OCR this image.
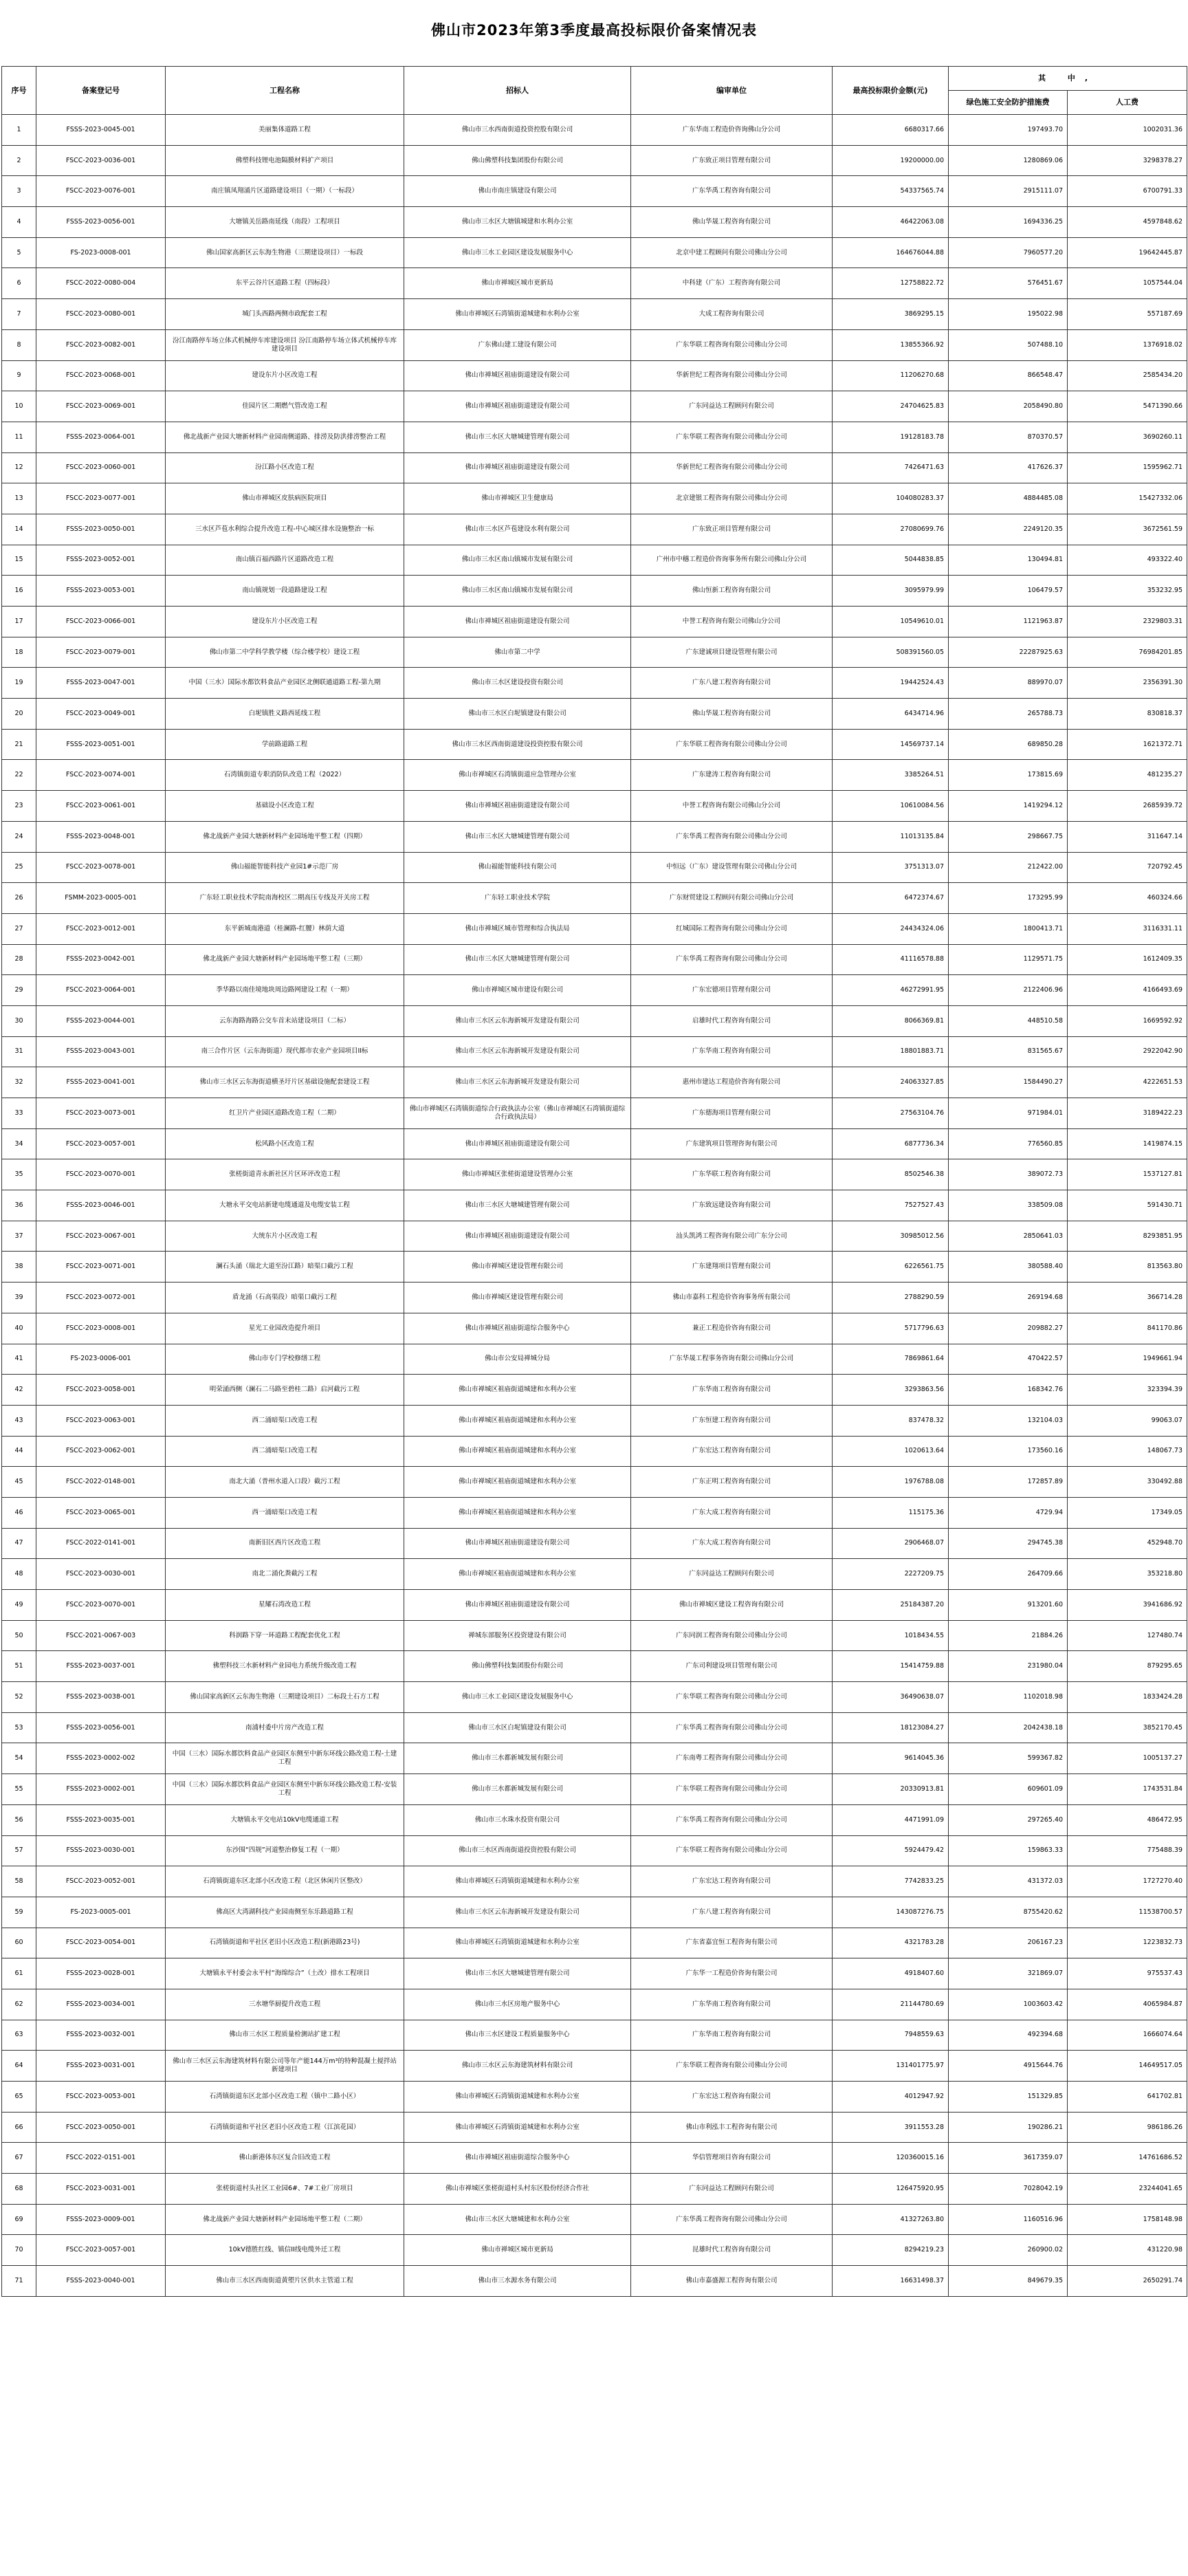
佛山市2023年第3季度最高投标限价备案情况表
序号	备案登记号	工程名称	招标人	编审单位	最高投标限价金额(元)	其 中,	
						绿色施工安全防护措施费	人工费
1	FSSS-2023-0045-001	美丽集体道路工程	佛山市三水西南街道投资控股有限公司	广东华南工程造价咨询佛山分公司	6680317.66	197493.70	1002031.36
2	FSCC-2023-0036-001	佛塑科技锂电池隔膜材料扩产项目	佛山佛塑科技集团股份有限公司	广东致正项目管理有限公司	19200000.00	1280869.06	3298378.27
3	FSCC-2023-0076-001	南庄镇凤翔涌片区道路建设项目（一期）（一标段）	佛山市南庄镇建设有限公司	广东华禹工程咨询有限公司	54337565.74	2915111.07	6700791.33
4	FSSS-2023-0056-001	大塘镇关岳路南延线（南段）工程项目	佛山市三水区大塘镇城建和水利办公室	佛山华晟工程咨询有限公司	46422063.08	1694336.25	4597848.62
5	FS-2023-0008-001	佛山国家高新区云东海生物港（三期建设项目）一标段	佛山市三水工业园区建设发展服务中心	北京中建工程顾问有限公司佛山分公司	164676044.88	7960577.20	19642445.87
6	FSCC-2022-0080-004	东平云谷片区道路工程（四标段）	佛山市禅城区城市更新局	中科建（广东）工程咨询有限公司	12758822.72	576451.67	1057544.04
7	FSCC-2023-0080-001	城门头西路两侧市政配套工程	佛山市禅城区石湾镇街道城建和水利办公室	大成工程咨询有限公司	3869295.15	195022.98	557187.69
8	FSCC-2023-0082-001	汾江南路停车场立体式机械停车库建设项目 汾江南路停车场立体式机械停车库建设项目	广东佛山建工建设有限公司	广东华联工程咨询有限公司佛山分公司	13855366.92	507488.10	1376918.02
9	FSCC-2023-0068-001	建设东片小区改造工程	佛山市禅城区祖庙街道建设有限公司	华新世纪工程咨询有限公司佛山分公司	11206270.68	866548.47	2585434.20
10	FSCC-2023-0069-001	佳园片区二期燃气管改造工程	佛山市禅城区祖庙街道建设有限公司	广东同益达工程顾问有限公司	24704625.83	2058490.80	5471390.66
11	FSSS-2023-0064-001	佛北战新产业园大塘新材料产业园南侧道路、排涝及防洪排涝整治工程	佛山市三水区大塘城建管理有限公司	广东华联工程咨询有限公司佛山分公司	19128183.78	870370.57	3690260.11
12	FSCC-2023-0060-001	汾江路小区改造工程	佛山市禅城区祖庙街道建设有限公司	华新世纪工程咨询有限公司佛山分公司	7426471.63	417626.37	1595962.71
13	FSCC-2023-0077-001	佛山市禅城区皮肤病医院项目	佛山市禅城区卫生健康局	北京建银工程咨询有限公司佛山分公司	104080283.37	4884485.08	15427332.06
14	FSSS-2023-0050-001	三水区芦苞水利综合提升改造工程-中心城区排水设施整治一标	佛山市三水区芦苞建设水利有限公司	广东致正项目管理有限公司	27080699.76	2249120.35	3672561.59
15	FSSS-2023-0052-001	南山镇百福西路片区道路改造工程	佛山市三水区南山镇城市发展有限公司	广州市中穗工程造价咨询事务所有限公司佛山分公司	5044838.85	130494.81	493322.40
16	FSSS-2023-0053-001	南山镇规划一段道路建设工程	佛山市三水区南山镇城市发展有限公司	佛山恒新工程咨询有限公司	3095979.99	106479.57	353232.95
17	FSCC-2023-0066-001	建设东片小区改造工程	佛山市禅城区祖庙街道建设有限公司	中誉工程咨询有限公司佛山分公司	10549610.01	1121963.87	2329803.31
18	FSCC-2023-0079-001	佛山市第二中学科学教学楼（综合楼学校）建设工程	佛山市第二中学	广东建诚项目建设管理有限公司	508391560.05	22287925.63	76984201.85
19	FSSS-2023-0047-001	中国（三水）国际水都饮料食品产业园区北侧联通道路工程-第九期	佛山市三水区建设投资有限公司	广东八建工程咨询有限公司	19442524.43	889970.07	2356391.30
20	FSCC-2023-0049-001	白坭镇胜义路西延线工程	佛山市三水区白坭镇建设有限公司	佛山华晟工程咨询有限公司	6434714.96	265788.73	830818.37
21	FSSS-2023-0051-001	学前路道路工程	佛山市三水区西南街道建设投资控股有限公司	广东华联工程咨询有限公司佛山分公司	14569737.14	689850.28	1621372.71
22	FSCC-2023-0074-001	石湾镇街道专职消防队改造工程（2022）	佛山市禅城区石湾镇街道应急管理办公室	广东建涛工程咨询有限公司	3385264.51	173815.69	481235.27
23	FSCC-2023-0061-001	基础设小区改造工程	佛山市禅城区祖庙街道建设有限公司	中誉工程咨询有限公司佛山分公司	10610084.56	1419294.12	2685939.72
24	FSSS-2023-0048-001	佛北战新产业园大塘新材料产业园场地平整工程（四期）	佛山市三水区大塘城建管理有限公司	广东华禹工程咨询有限公司佛山分公司	11013135.84	298667.75	311647.14
25	FSCC-2023-0078-001	佛山福能智能科技产业园1#示范厂房	佛山福能智能科技有限公司	中恒远（广东）建设管理有限公司佛山分公司	3751313.07	212422.00	720792.45
26	FSMM-2023-0005-001	广东轻工职业技术学院南海校区二期高压专线及开关房工程	广东轻工职业技术学院	广东财贸建设工程顾问有限公司佛山分公司	6472374.67	173295.99	460324.66
27	FSCC-2023-0012-001	东平新城南港道（桂澜路-红腰）林荫大道	佛山市禅城区城市管理和综合执法局	红城国际工程咨询有限公司佛山分公司	24434324.06	1800413.71	3116331.11
28	FSSS-2023-0042-001	佛北战新产业园大塘新材料产业园场地平整工程（三期）	佛山市三水区大塘城建管理有限公司	广东华禹工程咨询有限公司佛山分公司	41116578.88	1129571.75	1612409.35
29	FSCC-2023-0064-001	季华路以南佳境地块周边路网建设工程（一期）	佛山市禅城区城市建设有限公司	广东宏德项目管理有限公司	46272991.95	2122406.96	4166493.69
30	FSSS-2023-0044-001	云东海路海路公交车首末站建设项目（二标）	佛山市三水区云东海新城开发建设有限公司	启雄时代工程咨询有限公司	8066369.81	448510.58	1669592.92
31	FSSS-2023-0043-001	南三合作片区（云东海街道）现代都市农业产业园项目II标	佛山市三水区云东海新城开发建设有限公司	广东华南工程咨询有限公司	18801883.71	831565.67	2922042.90
32	FSSS-2023-0041-001	佛山市三水区云东海街道横圣圩片区基础设施配套建设工程	佛山市三水区云东海新城开发建设有限公司	惠州市建达工程造价咨询有限公司	24063327.85	1584490.27	4222651.53
33	FSCC-2023-0073-001	红卫片产业园区道路改造工程（二期）	佛山市禅城区石湾镇街道综合行政执法办公室（佛山市禅城区石湾镇街道综合行政执法局）	广东德海项目管理有限公司	27563104.76	971984.01	3189422.23
34	FSCC-2023-0057-001	松风路小区改造工程	佛山市禅城区祖庙街道建设有限公司	广东建筑项目管理咨询有限公司	6877736.34	776560.85	1419874.15
35	FSCC-2023-0070-001	张槎街道青永新社区片区环评改造工程	佛山市禅城区张槎街道建设管理办公室	广东华联工程咨询有限公司	8502546.38	389072.73	1537127.81
36	FSSS-2023-0046-001	大塘永平交电站新建电缆通道及电缆安装工程	佛山市三水区大塘城建管理有限公司	广东致远建设咨询有限公司	7527527.43	338509.08	591430.71
37	FSCC-2023-0067-001	大统东片小区改造工程	佛山市禅城区祖庙街道建设有限公司	汕头凯鸿工程咨询有限公司广东分公司	30985012.56	2850641.03	8293851.95
38	FSCC-2023-0071-001	澜石头涌（瑞北大道至汾江路）暗渠口截污工程	佛山市禅城区建设管理有限公司	广东建翔项目管理有限公司	6226561.75	380588.40	813563.80
39	FSCC-2023-0072-001	盾龙涌（石高渠段）暗渠口截污工程	佛山市禅城区建设管理有限公司	佛山市嘉科工程造价咨询事务所有限公司	2788290.59	269194.68	366714.28
40	FSCC-2023-0008-001	星光工业园改造提升项目	佛山市禅城区祖庙街道综合服务中心	兼正工程造价咨询有限公司	5717796.63	209882.27	841170.86
41	FS-2023-0006-001	佛山市专门学校修缮工程	佛山市公安局禅城分局	广东华晟工程事务咨询有限公司佛山分公司	7869861.64	470422.57	1949661.94
42	FSCC-2023-0058-001	明荣涌西侧（澜石二马路至碧桂二路）启河截污工程	佛山市禅城区祖庙街道城建和水利办公室	广东华南工程咨询有限公司	3293863.56	168342.76	323394.39
43	FSCC-2023-0063-001	西二涌暗渠口改造工程	佛山市禅城区祖庙街道城建和水利办公室	广东恒建工程咨询有限公司	837478.32	132104.03	99063.07
44	FSCC-2023-0062-001	西二涌暗渠口改造工程	佛山市禅城区祖庙街道城建和水利办公室	广东宏达工程咨询有限公司	1020613.64	173560.16	148067.73
45	FSCC-2022-0148-001	南北大涌（普州水道入口段）截污工程	佛山市禅城区祖庙街道城建和水利办公室	广东正明工程咨询有限公司	1976788.08	172857.89	330492.88
46	FSCC-2023-0065-001	西一涌暗渠口改造工程	佛山市禅城区祖庙街道城建和水利办公室	广东大成工程咨询有限公司	115175.36	4729.94	17349.05
47	FSCC-2022-0141-001	南新旧区西片区改造工程	佛山市禅城区祖庙街道建设有限公司	广东大成工程咨询有限公司	2906468.07	294745.38	452948.70
48	FSCC-2023-0030-001	南北二涌化粪截污工程	佛山市禅城区祖庙街道城建和水利办公室	广东同益达工程顾问有限公司	2227209.75	264709.66	353218.80
49	FSCC-2023-0070-001	星耀石湾改造工程	佛山市禅城区祖庙街道建设有限公司	佛山市禅城区建设工程咨询有限公司	25184387.20	913201.60	3941686.92
50	FSCC-2021-0067-003	科润路下穿一环道路工程配套优化工程	禅城东部服务区投资建设有限公司	广东同润工程咨询有限公司佛山分公司	1018434.55	21884.26	127480.74
51	FSSS-2023-0037-001	佛塑科技三水新材料产业园电力系统升级改造工程	佛山佛塑科技集团股份有限公司	广东司利建设项目管理有限公司	15414759.88	231980.04	879295.65
52	FSSS-2023-0038-001	佛山国家高新区云东海生物港（三期建设项目）二标段土石方工程	佛山市三水工业园区建设发展服务中心	广东华联工程咨询有限公司佛山分公司	36490638.07	1102018.98	1833424.28
53	FSSS-2023-0056-001	南浦村委中片房产改造工程	佛山市三水区白坭镇建设有限公司	广东华禹工程咨询有限公司佛山分公司	18123084.27	2042438.18	3852170.45
54	FSSS-2023-0002-002	中国（三水）国际水都饮料食品产业园区东侧至中新东环线公路改造工程-土建工程	佛山市三水都新城发展有限公司	广东南粤工程咨询有限公司佛山分公司	9614045.36	599367.82	1005137.27
55	FSSS-2023-0002-001	中国（三水）国际水都饮料食品产业园区东侧至中新东环线公路改造工程-安装工程	佛山市三水都新城发展有限公司	广东华联工程咨询有限公司佛山分公司	20330913.81	609601.09	1743531.84
56	FSSS-2023-0035-001	大塘镇永平交电站10kV电缆通道工程	佛山市三水珠水投资有限公司	广东华禹工程咨询有限公司佛山分公司	4471991.09	297265.40	486472.95
57	FSSS-2023-0030-001	东沙围“四规”河道整治修复工程（一期）	佛山市三水区西南街道投资控股有限公司	广东华联工程咨询有限公司佛山分公司	5924479.42	159863.33	775488.39
58	FSCC-2023-0052-001	石湾镇街道东区北部小区改造工程（北区休闲片区整改）	佛山市禅城区石湾镇街道城建和水利办公室	广东宏达工程咨询有限公司	7742833.25	431372.03	1727270.40
59	FS-2023-0005-001	佛高区大湾湖科技产业园南侧至东乐路道路工程	佛山市三水区云东海新城开发建设有限公司	广东八建工程咨询有限公司	143087276.75	8755420.62	11538700.57
60	FSCC-2023-0054-001	石湾镇街道和平社区老旧小区改造工程(新港路23号)	佛山市禅城区石湾镇街道城建和水利办公室	广东省嘉宜恒工程咨询有限公司	4321783.28	206167.23	1223832.73
61	FSSS-2023-0028-001	大塘镇永平村委会永平村“海绵综合”（土改）排水工程项目	佛山市三水区大塘城建管理有限公司	广东华一工程造价咨询有限公司	4918407.60	321869.07	975537.43
62	FSSS-2023-0034-001	三水塘华厨提升改造工程	佛山市三水区房地产服务中心	广东华南工程咨询有限公司	21144780.69	1003603.42	4065984.87
63	FSSS-2023-0032-001	佛山市三水区工程质量检测站扩建工程	佛山市三水区建设工程质量服务中心	广东华南工程咨询有限公司	7948559.63	492394.68	1666074.64
64	FSSS-2023-0031-001	佛山市三水区云东海建筑材料有限公司等年产能144万m³的特种混凝土搅拌站新建项目	佛山市三水区云东海建筑材料有限公司	广东华联工程咨询有限公司佛山分公司	131401775.97	4915644.76	14649517.05
65	FSCC-2023-0053-001	石湾镇街道东区北部小区改造工程（镇中二路小区）	佛山市禅城区石湾镇街道城建和水利办公室	广东宏达工程咨询有限公司	4012947.92	151329.85	641702.81
66	FSCC-2023-0050-001	石湾镇街道和平社区老旧小区改造工程（江滨花园）	佛山市禅城区石湾镇街道城建和水利办公室	佛山市利泓丰工程咨询有限公司	3911553.28	190286.21	986186.26
67	FSCC-2022-0151-001	佛山新港体东区复合旧改造工程	佛山市禅城区祖庙街道综合服务中心	华信管理项目咨询有限公司	120360015.16	3617359.07	14761686.52
68	FSCC-2023-0031-001	张槎街道村头社区工业园6#、7#工业厂房项目	佛山市禅城区张槎街道村头村东区股份经济合作社	广东同益达工程顾问有限公司	126475920.95	7028042.19	23244041.65
69	FSSS-2023-0009-001	佛北战新产业园大塘新材料产业园场地平整工程（二期）	佛山市三水区大塘城建和水利办公室	广东华禹工程咨询有限公司佛山分公司	41327263.80	1160516.96	1758148.98
70	FSCC-2023-0057-001	10kV德胜红线、镇信II线电缆外迁工程	佛山市禅城区城市更新局	昆雄时代工程咨询有限公司	8294219.23	260900.02	431220.98
71	FSSS-2023-0040-001	佛山市三水区西南街道黄塱片区供水主管道工程	佛山市三水源水务有限公司	佛山市嘉盛源工程咨询有限公司	16631498.37	849679.35	2650291.74
